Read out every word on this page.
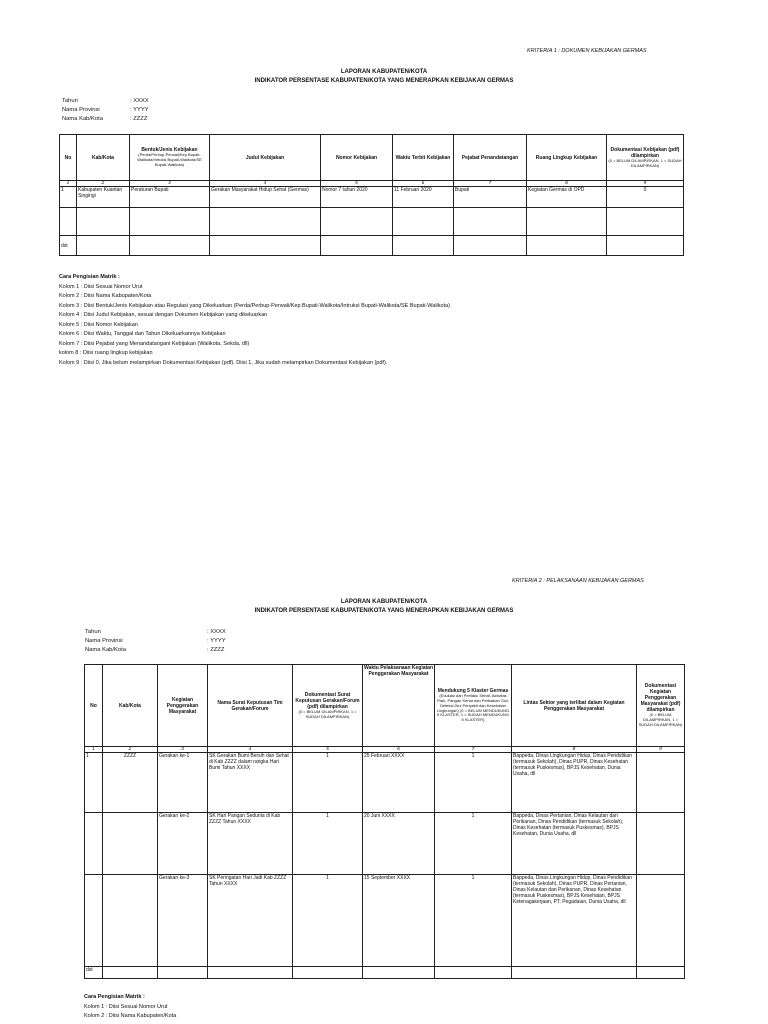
KRITERIA 1 : DOKUMEN KEBIJAKAN GERMAS
LAPORAN KABUPATEN/KOTA
INDIKATOR PERSENTASE KABUPATEN/KOTA YANG MENERAPKAN KEBIJAKAN GERMAS
Tahun	: XXXX
Nama Provinsi	: YYYY
Nama Kab/Kota	: ZZZZ
No	Kab/Kota	Bentuk/Jenis Kebijakan
(Perda/Perbup-Perwali/Kep Bupati-Walikota/Intruksi Bupati-Walikota/SE Bupati-Walikota)	Judul Kebijakan	Nomor Kebijakan	Waktu Terbit Kebijakan	Pejabat Penandatangan	Ruang Lingkup Kebijakan	Dokumentasi Kebijakan (pdf) dilampirkan
(0 = BELUM DILAMPIRKAN, 1 = SUDAH DILAMPIRKAN)

1	2	3	4	5	6	7	8	9
1	Kabupaten Kuantan Singingi	Peraturan Bupati	Gerakan Masyarakat Hidup Sehat (Germas)	Nomor 7 tahun 2020	11 Februari 2020	Bupati	Kegiatan Germas di OPD	0

dst								
Cara Pengisian Matrik :
Kolom 1 : Diisi Sesuai Nomor Urut
Kolom 2 : Diisi Nama Kabupaten/Kota
Kolom 3 : Diisi Bentuk/Jenis Kebijakan atau Regulasi yang Dikeluarkan (Perda/Perbup-Perwali/Kep Bupati-Walikota/Intruksi Bupati-Walikota/SE Bupati-Walikota)
Kolom 4 : Diisi Judul Kebijakan, sesuai dengan Dokumen Kebijakan yang dikeluarkan
Kolom 5 : Diisi Nomor Kebijakan
Kolom 6 : Diisi Waktu, Tanggal dan Tahun Dikeluarkannya Kebijakan
Kolom 7 : Diisi Pejabat yang Menandatangani Kebijakan (Walikota, Sekda, dll)
kolom 8 : Diisi ruang lingkup kebijakan
Kolom 9 : Diisi 0, Jika belum melampirkan Dokumentasi Kebijakan (pdf). Diisi 1, Jika sudah melampirkan Dokumentasi Kebijakan (pdf).
KRITERIA 2 : PELAKSANAAN KEBIJAKAN GERMAS
LAPORAN KABUPATEN/KOTA
INDIKATOR PERSENTASE KABUPATEN/KOTA YANG MENERAPKAN KEBIJAKAN GERMAS
Tahun	: XXXX
Nama Provinsi	: YYYY
Nama Kab/Kota	: ZZZZ
No	Kab/Kota	Kegiatan Penggerakan Masyarakat	Nama Surat Keputusan Tim Gerakan/Forum	Dokumentasi Surat Keputusan Gerakan/Forum (pdf) dilampirkan
(0 = BELUM DILAMPIRKAN, 1 = SUDAH DILAMPIRKAN)	Waktu Pelaksanaan Kegiatan Penggerakan Masyarakat	Mendukung 5 Klaster Germas
(Edukasi dan Perilaku Sehat, Aktivitas Fisik, Pangan Sehat dan Perbaikan Gizi, Deteksi Dini Penyakit dan Kesehatan Lingkungan) (0 = BELUM MENDUKUNG 5 KLASTER, 1 = SUDAH MENDUKUNG 5 KLASTER)	Lintas Sektor yang terlibat dalam Kegiatan Penggerakan Masyarakat	Dokumentasi Kegiatan Penggerakan Masyarakat (pdf) dilampirkan
(0 = BELUM DILAMPIRKAN, 1 = SUDAH DILAMPIRKAN)

1	2	3	4	5	6	7	8	9
1	ZZZZ	Gerakan ke-1	SK Gerakan Bumi Bersih dan Sehat di Kab ZZZZ dalam rangka Hari Bumi Tahun XXXX	1	25 Februari XXXX	1	Bappeda, Dinas Lingkungan Hidup, Dinas Pendidikan (termasuk Sekolah), Dinas PUPR, Dinas Kesehatan (termasuk Puskesmas), BPJS Kesehatan, Dunia Usaha, dll	
		Gerakan ke-2	SK Hari Pangan Sedunia di Kab ZZZZ Tahun XXXX	1	20 Juni XXXX	1	Bappeda, Dinas Pertanian, Dinas Kelautan dan Perikanan, Dinas Pendidikan (termasuk Sekolah), Dinas Kesehatan (termasuk Puskesmas), BPJS Kesehatan, Dunia Usaha, dll	
		Gerakan ke-3	SK Peringatan Hari Jadi Kab ZZZZ Tahun XXXX	1	15 September XXXX	1	Bappeda, Dinas Lingkungan Hidup, Dinas Pendidikan (termasuk Sekolah), Dinas PUPR, Dinas Pertanian, Dinas Kelautan dan Perikanan, Dinas Kesehatan (termasuk Puskesmas), BPJS Kesehatan, BPJS Ketenagakerjaan, PT. Pegadaian, Dunia Usaha, dll	
dst								
Cara Pengisian Matrik :
Kolom 1 : Diisi Sesuai Nomor Urut
Kolom 2 : Diisi Nama Kabupaten/Kota
